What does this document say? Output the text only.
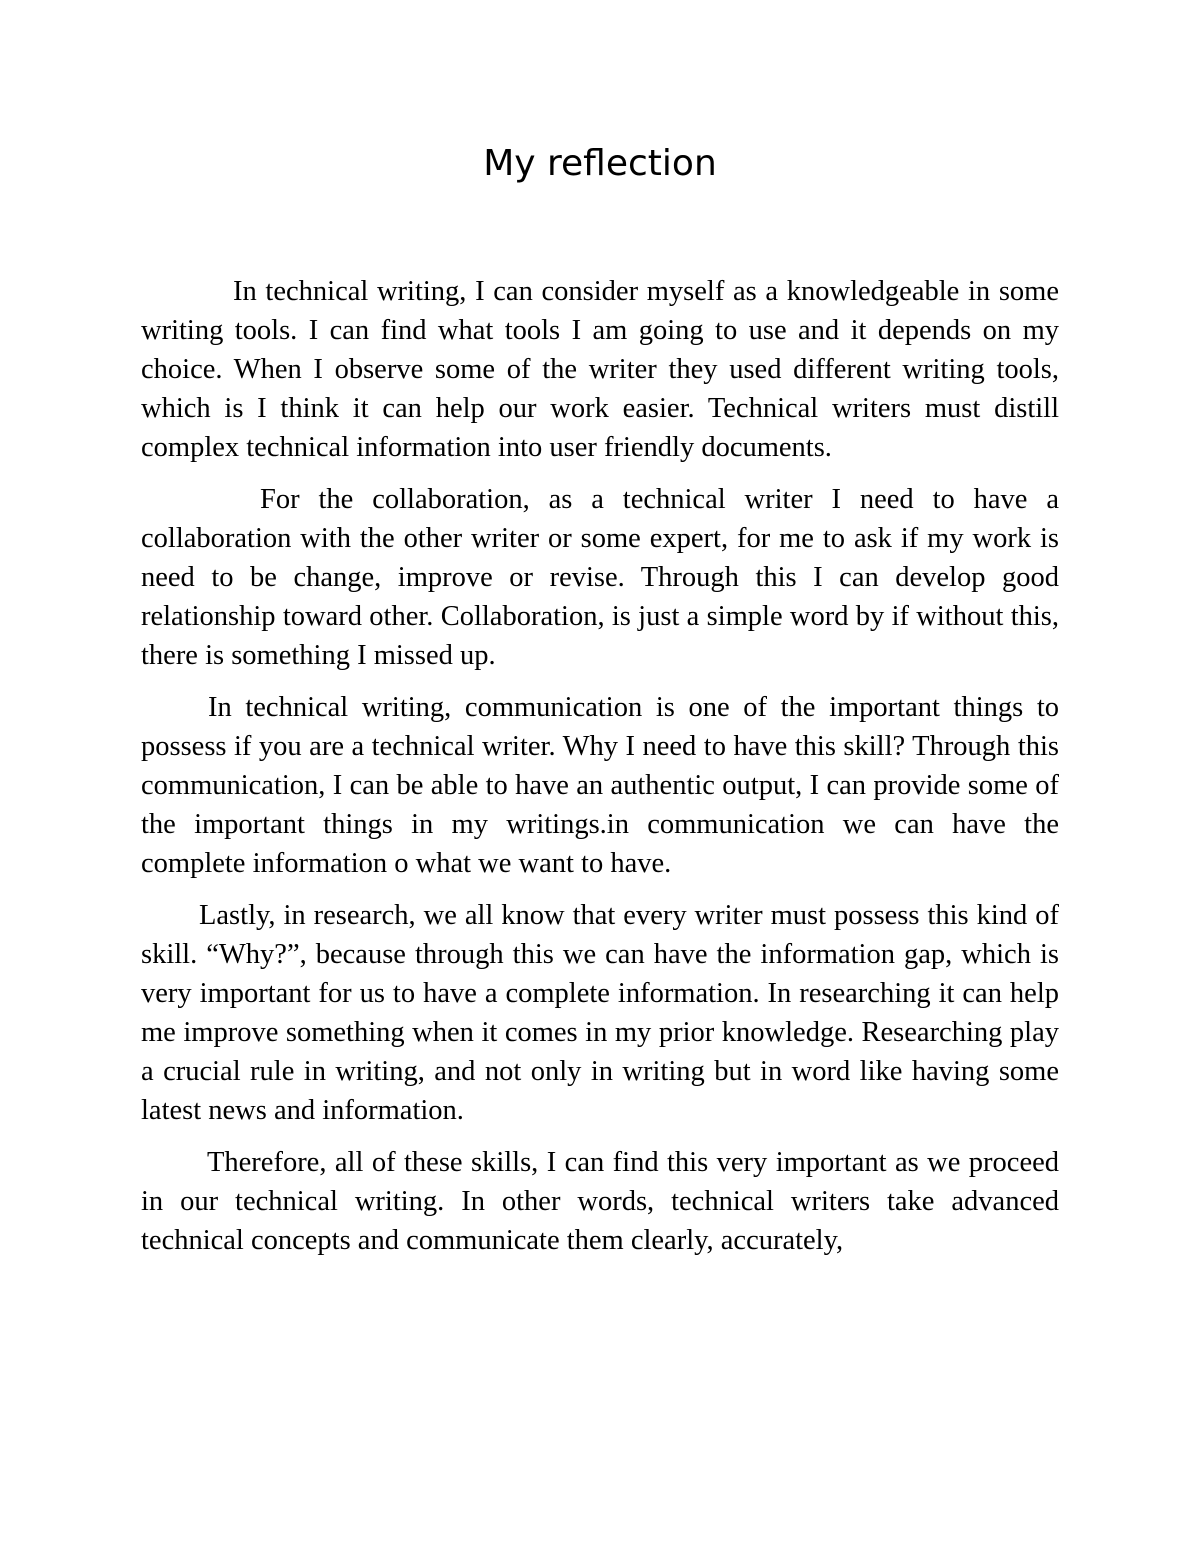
My reflection

In technical writing, I can consider myself as a knowledgeable in some writing tools. I can find what tools I am going to use and it depends on my choice. When I observe some of the writer they used different writing tools, which is I think it can help our work easier. Technical writers must distill complex technical information into user friendly documents.

For the collaboration, as a technical writer I need to have a collaboration with the other writer or some expert, for me to ask if my work is need to be change, improve or revise. Through this I can develop good relationship toward other. Collaboration, is just a simple word by if without this, there is something I missed up.

In technical writing, communication is one of the important things to possess if you are a technical writer. Why I need to have this skill? Through this communication, I can be able to have an authentic output, I can provide some of the important things in my writings.in communication we can have the complete information o what we want to have.

Lastly, in research, we all know that every writer must possess this kind of skill. “Why?”, because through this we can have the information gap, which is very important for us to have a complete information. In researching it can help me improve something when it comes in my prior knowledge. Researching play a crucial rule in writing, and not only in writing but in word like having some latest news and information.

Therefore, all of these skills, I can find this very important as we proceed in our technical writing. In other words, technical writers take advanced technical concepts and communicate them clearly, accurately,
